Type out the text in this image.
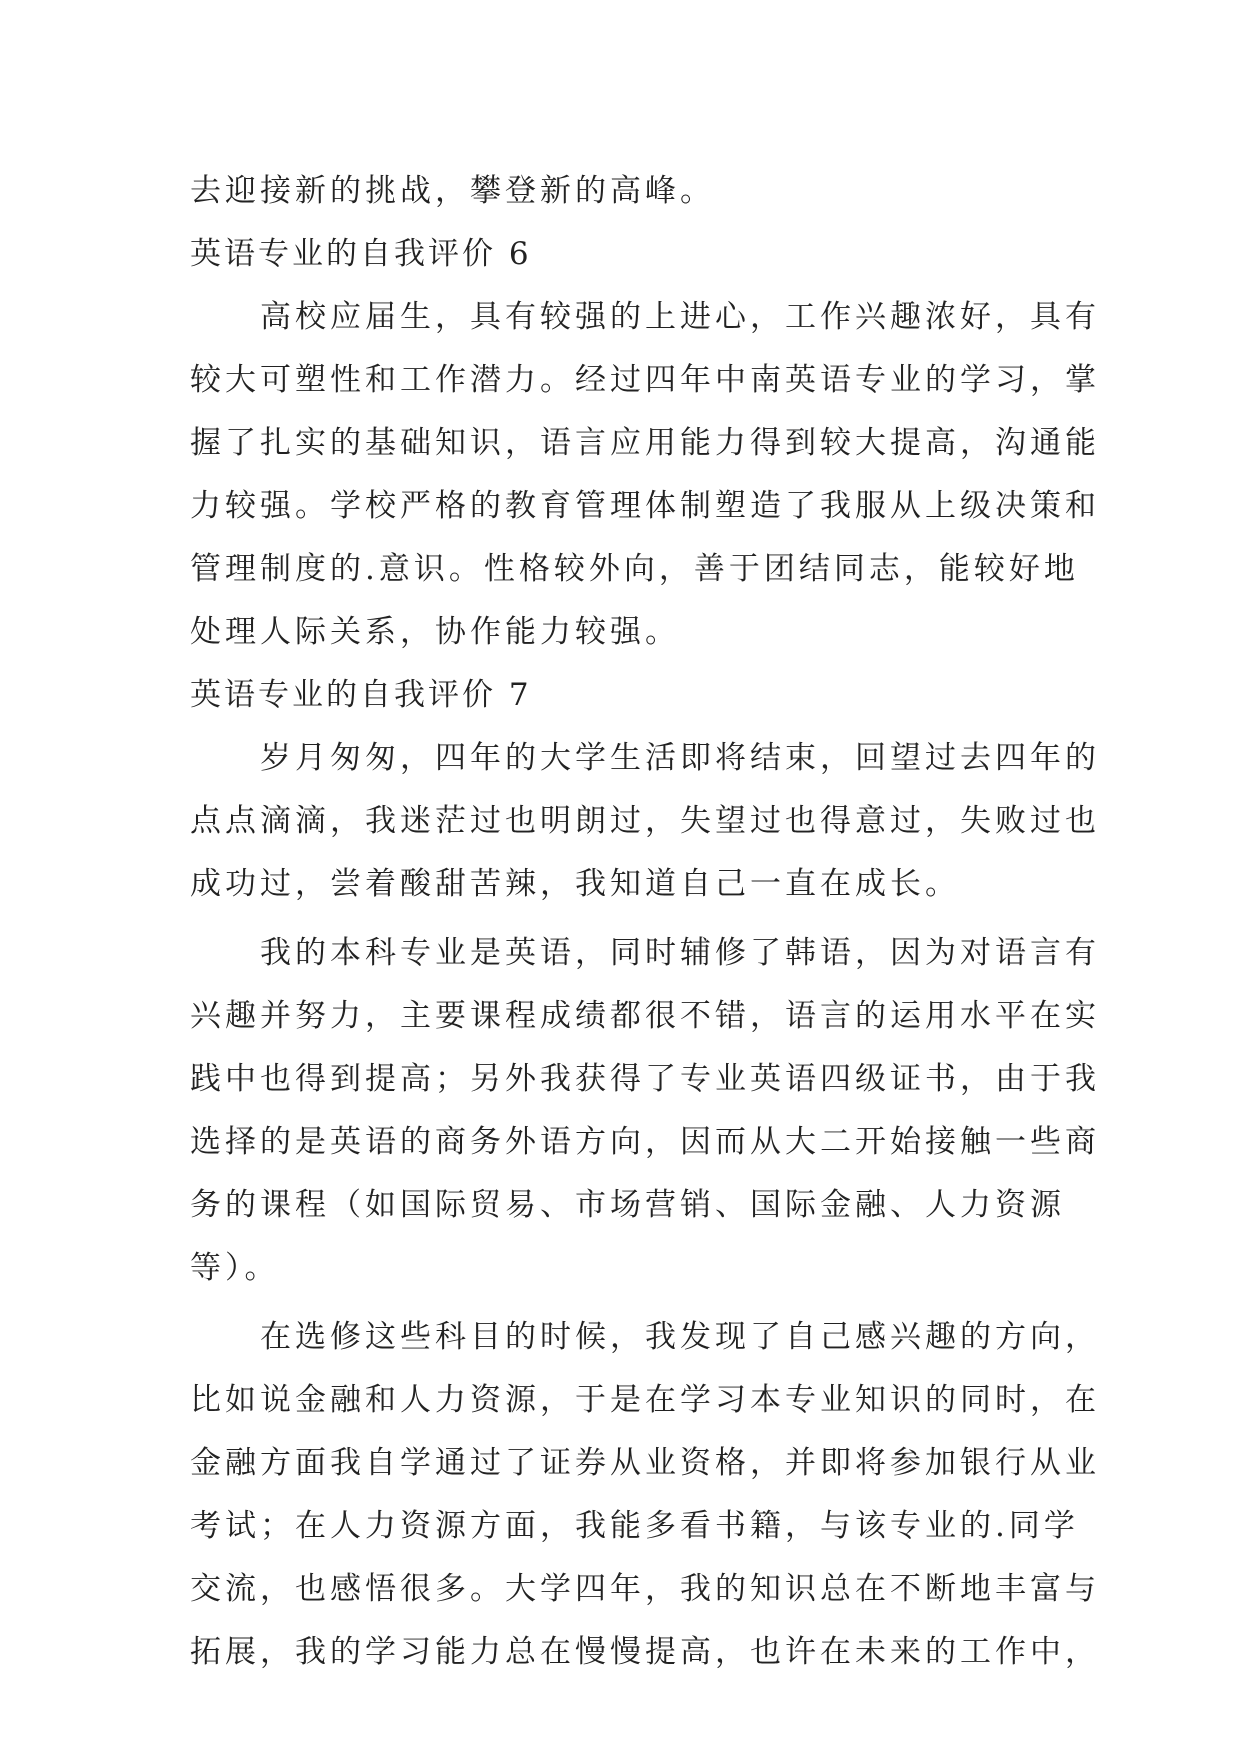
去迎接新的挑战，攀登新的高峰。

英语专业的自我评价 6

　　高校应届生，具有较强的上进心，工作兴趣浓好，具有

较大可塑性和工作潜力。经过四年中南英语专业的学习，掌

握了扎实的基础知识，语言应用能力得到较大提高，沟通能

力较强。学校严格的教育管理体制塑造了我服从上级决策和

管理制度的.意识。性格较外向，善于团结同志，能较好地

处理人际关系，协作能力较强。

英语专业的自我评价 7

　　岁月匆匆，四年的大学生活即将结束，回望过去四年的

点点滴滴，我迷茫过也明朗过，失望过也得意过，失败过也

成功过，尝着酸甜苦辣，我知道自己一直在成长。

　　我的本科专业是英语，同时辅修了韩语，因为对语言有

兴趣并努力，主要课程成绩都很不错，语言的运用水平在实

践中也得到提高；另外我获得了专业英语四级证书，由于我

选择的是英语的商务外语方向，因而从大二开始接触一些商

务的课程（如国际贸易、市场营销、国际金融、人力资源

等）。

　　在选修这些科目的时候，我发现了自己感兴趣的方向，

比如说金融和人力资源，于是在学习本专业知识的同时，在

金融方面我自学通过了证券从业资格，并即将参加银行从业

考试；在人力资源方面，我能多看书籍，与该专业的.同学

交流，也感悟很多。大学四年，我的知识总在不断地丰富与

拓展，我的学习能力总在慢慢提高，也许在未来的工作中，
